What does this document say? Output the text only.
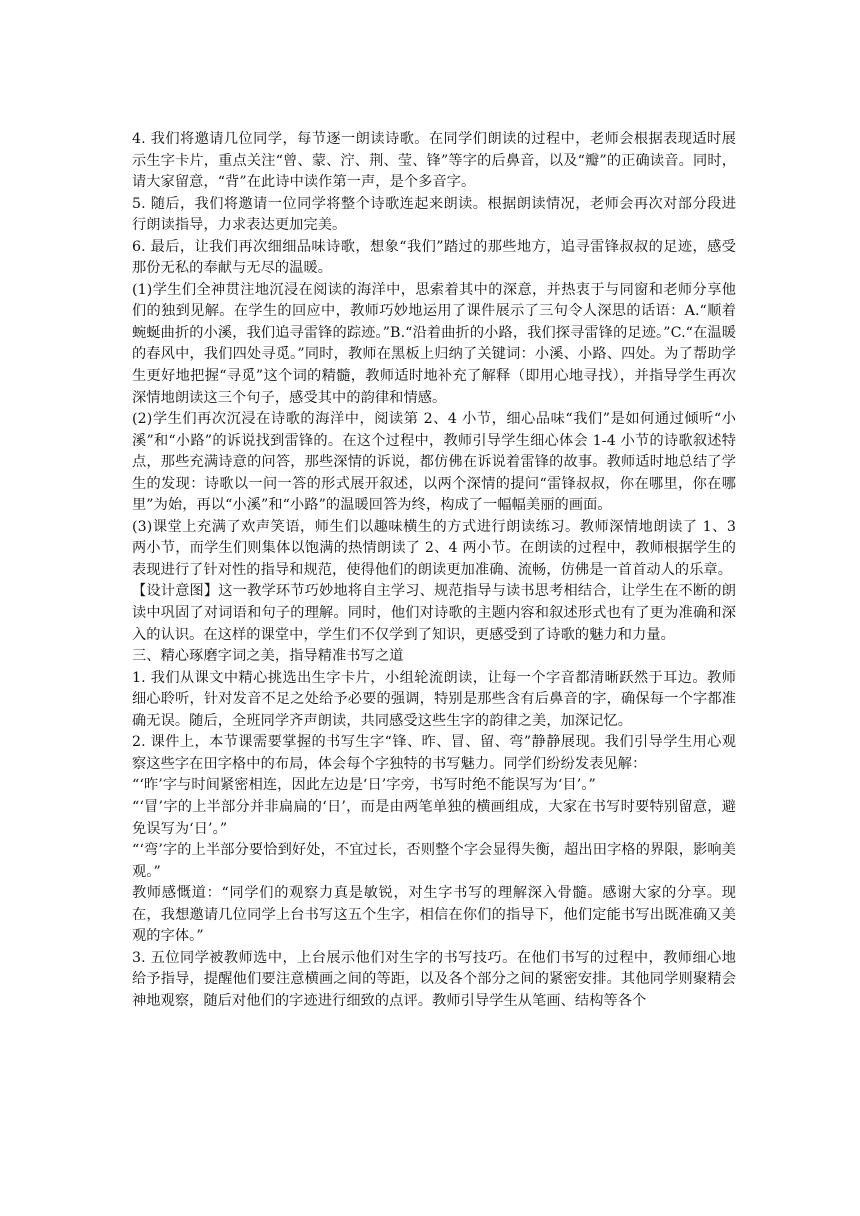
4. 我们将邀请几位同学，每节逐一朗读诗歌。在同学们朗读的过程中，老师会根据表现适时展示生字卡片，重点关注“曾、蒙、泞、荆、莹、锋”等字的后鼻音，以及“瓣”的正确读音。同时，请大家留意，“背”在此诗中读作第一声，是个多音字。

5. 随后，我们将邀请一位同学将整个诗歌连起来朗读。根据朗读情况，老师会再次对部分段进行朗读指导，力求表达更加完美。

6. 最后，让我们再次细细品味诗歌，想象“我们”踏过的那些地方，追寻雷锋叔叔的足迹，感受那份无私的奉献与无尽的温暖。

(1)学生们全神贯注地沉浸在阅读的海洋中，思索着其中的深意，并热衷于与同窗和老师分享他们的独到见解。在学生的回应中，教师巧妙地运用了课件展示了三句令人深思的话语：A.“顺着蜿蜒曲折的小溪，我们追寻雷锋的踪迹。”B.“沿着曲折的小路，我们探寻雷锋的足迹。”C.“在温暖的春风中，我们四处寻觅。”同时，教师在黑板上归纳了关键词：小溪、小路、四处。为了帮助学生更好地把握“寻觅”这个词的精髓，教师适时地补充了解释（即用心地寻找），并指导学生再次深情地朗读这三个句子，感受其中的韵律和情感。

(2)学生们再次沉浸在诗歌的海洋中，阅读第 2、4 小节，细心品味“我们”是如何通过倾听“小溪”和“小路”的诉说找到雷锋的。在这个过程中，教师引导学生细心体会 1-4 小节的诗歌叙述特点，那些充满诗意的问答，那些深情的诉说，都仿佛在诉说着雷锋的故事。教师适时地总结了学生的发现：诗歌以一问一答的形式展开叙述，以两个深情的提问“雷锋叔叔，你在哪里，你在哪里”为始，再以“小溪”和“小路”的温暖回答为终，构成了一幅幅美丽的画面。

(3)课堂上充满了欢声笑语，师生们以趣味横生的方式进行朗读练习。教师深情地朗读了 1、3 两小节，而学生们则集体以饱满的热情朗读了 2、4 两小节。在朗读的过程中，教师根据学生的表现进行了针对性的指导和规范，使得他们的朗读更加准确、流畅，仿佛是一首首动人的乐章。

【设计意图】这一教学环节巧妙地将自主学习、规范指导与读书思考相结合，让学生在不断的朗读中巩固了对词语和句子的理解。同时，他们对诗歌的主题内容和叙述形式也有了更为准确和深入的认识。在这样的课堂中，学生们不仅学到了知识，更感受到了诗歌的魅力和力量。

三、精心琢磨字词之美，指导精准书写之道

1. 我们从课文中精心挑选出生字卡片，小组轮流朗读，让每一个字音都清晰跃然于耳边。教师细心聆听，针对发音不足之处给予必要的强调，特别是那些含有后鼻音的字，确保每一个字都准确无误。随后，全班同学齐声朗读，共同感受这些生字的韵律之美，加深记忆。

2. 课件上，本节课需要掌握的书写生字“锋、昨、冒、留、弯”静静展现。我们引导学生用心观察这些字在田字格中的布局，体会每个字独特的书写魅力。同学们纷纷发表见解：

“‘昨’字与时间紧密相连，因此左边是‘日’字旁，书写时绝不能误写为‘目’。”

“‘冒’字的上半部分并非扁扁的‘日’，而是由两笔单独的横画组成，大家在书写时要特别留意，避免误写为‘日’。”

“‘弯’字的上半部分要恰到好处，不宜过长，否则整个字会显得失衡，超出田字格的界限，影响美观。”

教师感慨道：“同学们的观察力真是敏锐，对生字书写的理解深入骨髓。感谢大家的分享。现在，我想邀请几位同学上台书写这五个生字，相信在你们的指导下，他们定能书写出既准确又美观的字体。”

3. 五位同学被教师选中，上台展示他们对生字的书写技巧。在他们书写的过程中，教师细心地给予指导，提醒他们要注意横画之间的等距，以及各个部分之间的紧密安排。其他同学则聚精会神地观察，随后对他们的字迹进行细致的点评。教师引导学生从笔画、结构等各个
